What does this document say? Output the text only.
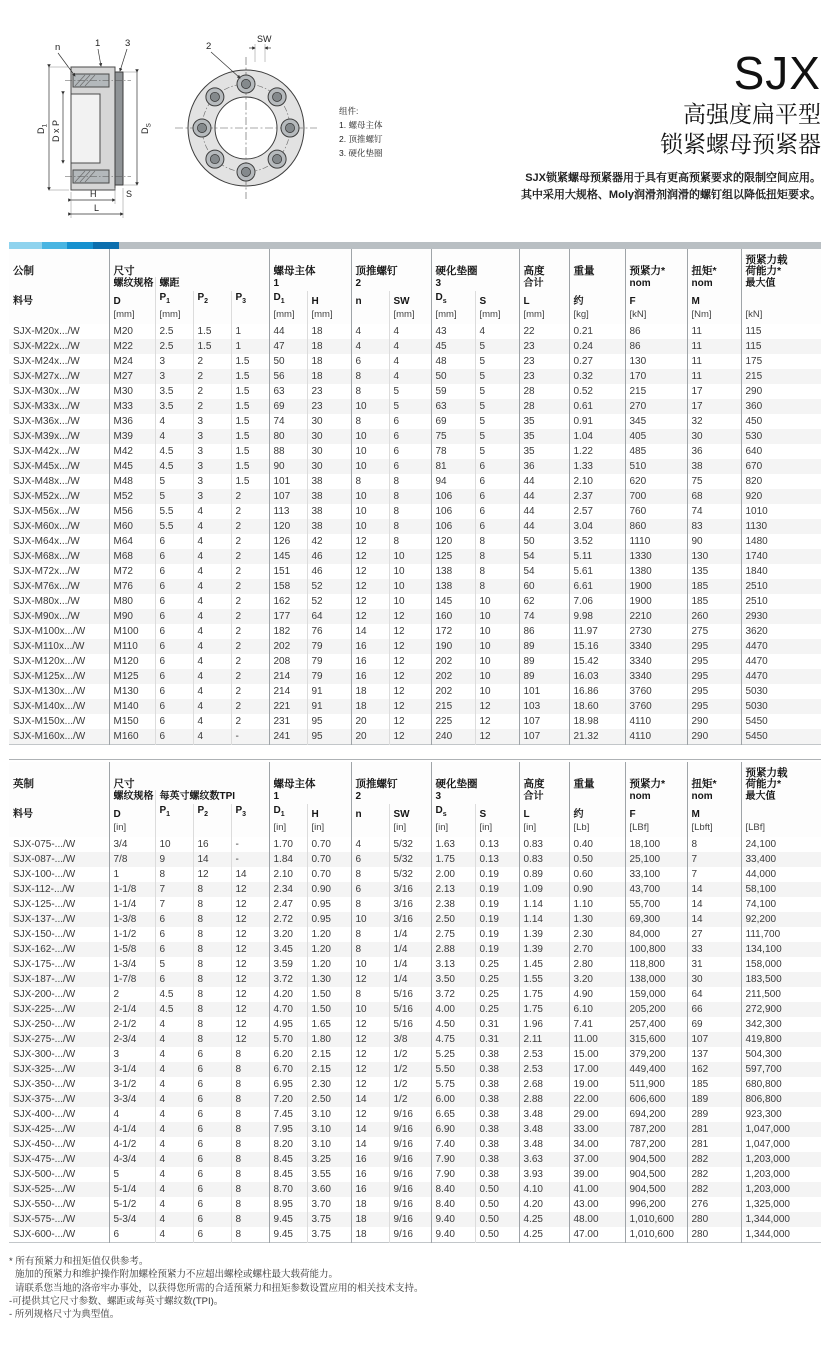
n	1	3
$D_1$ D x P	$D_S$
H	S
L
2
SW
组件:
1. 螺母主体
2. 顶推螺钉
3. 硬化垫圈
SJX
高强度扁平型
锁紧螺母预紧器
SJX锁紧螺母预紧器用于具有更高预紧要求的限制空间应用。
其中采用大规格、Moly润滑剂润滑的螺钉组以降低扭矩要求。
公制	尺寸				螺母主体		顶推螺钉		硬化垫圈		高度	重量	预紧力*	扭矩*	预紧力载
荷能力*

	螺纹规格	螺距			1		2		3		合计		nom	nom	最大值
料号	D	$P_1$	$P_2$	$P_3$	$D_1$	H	n	SW	$D_s$	S	L	约	F	M	
	[mm]	[mm]			[mm]	[mm]		[mm]	[mm]	[mm]	[mm]	[kg]	[kN]	[Nm]	[kN]
SJX-M20x.../W	M20	2.5	1.5	1	44	18	4	4	43	4	22	0.21	86	11	115
SJX-M22x.../W	M22	2.5	1.5	1	47	18	4	4	45	5	23	0.24	86	11	115
SJX-M24x.../W	M24	3	2	1.5	50	18	6	4	48	5	23	0.27	130	11	175
SJX-M27x.../W	M27	3	2	1.5	56	18	8	4	50	5	23	0.32	170	11	215
SJX-M30x.../W	M30	3.5	2	1.5	63	23	8	5	59	5	28	0.52	215	17	290
SJX-M33x.../W	M33	3.5	2	1.5	69	23	10	5	63	5	28	0.61	270	17	360
SJX-M36x.../W	M36	4	3	1.5	74	30	8	6	69	5	35	0.91	345	32	450
SJX-M39x.../W	M39	4	3	1.5	80	30	10	6	75	5	35	1.04	405	30	530
SJX-M42x.../W	M42	4.5	3	1.5	88	30	10	6	78	5	35	1.22	485	36	640
SJX-M45x.../W	M45	4.5	3	1.5	90	30	10	6	81	6	36	1.33	510	38	670
SJX-M48x.../W	M48	5	3	1.5	101	38	8	8	94	6	44	2.10	620	75	820
SJX-M52x.../W	M52	5	3	2	107	38	10	8	106	6	44	2.37	700	68	920
SJX-M56x.../W	M56	5.5	4	2	113	38	10	8	106	6	44	2.57	760	74	1010
SJX-M60x.../W	M60	5.5	4	2	120	38	10	8	106	6	44	3.04	860	83	1130
SJX-M64x.../W	M64	6	4	2	126	42	12	8	120	8	50	3.52	1110	90	1480
SJX-M68x.../W	M68	6	4	2	145	46	12	10	125	8	54	5.11	1330	130	1740
SJX-M72x.../W	M72	6	4	2	151	46	12	10	138	8	54	5.61	1380	135	1840
SJX-M76x.../W	M76	6	4	2	158	52	12	10	138	8	60	6.61	1900	185	2510
SJX-M80x.../W	M80	6	4	2	162	52	12	10	145	10	62	7.06	1900	185	2510
SJX-M90x.../W	M90	6	4	2	177	64	12	12	160	10	74	9.98	2210	260	2930
SJX-M100x.../W	M100	6	4	2	182	76	14	12	172	10	86	11.97	2730	275	3620
SJX-M110x.../W	M110	6	4	2	202	79	16	12	190	10	89	15.16	3340	295	4470
SJX-M120x.../W	M120	6	4	2	208	79	16	12	202	10	89	15.42	3340	295	4470
SJX-M125x.../W	M125	6	4	2	214	79	16	12	202	10	89	16.03	3340	295	4470
SJX-M130x.../W	M130	6	4	2	214	91	18	12	202	10	101	16.86	3760	295	5030
SJX-M140x.../W	M140	6	4	2	221	91	18	12	215	12	103	18.60	3760	295	5030
SJX-M150x.../W	M150	6	4	2	231	95	20	12	225	12	107	18.98	4110	290	5450
SJX-M160x.../W	M160	6	4	-	241	95	20	12	240	12	107	21.32	4110	290	5450
英制	尺寸				螺母主体		顶推螺钉		硬化垫圈		高度	重量	预紧力*	扭矩*	预紧力载
荷能力*

	螺纹规格	每英寸螺纹数TPI			1		2		3		合计		nom	nom	最大值
料号	D	$P_1$	$P_2$	$P_3$	$D_1$	H	n	SW	$D_s$	S	L	约	F	M	
	[in]				[in]	[in]		[in]	[in]	[in]	[in]	[Lb]	[LBf]	[Lbft]	[LBf]
SJX-075-.../W	3/4	10	16	-	1.70	0.70	4	5/32	1.63	0.13	0.83	0.40	18,100	8	24,100
SJX-087-.../W	7/8	9	14	-	1.84	0.70	6	5/32	1.75	0.13	0.83	0.50	25,100	7	33,400
SJX-100-.../W	1	8	12	14	2.10	0.70	8	5/32	2.00	0.19	0.89	0.60	33,100	7	44,000
SJX-112-.../W	1-1/8	7	8	12	2.34	0.90	6	3/16	2.13	0.19	1.09	0.90	43,700	14	58,100
SJX-125-.../W	1-1/4	7	8	12	2.47	0.95	8	3/16	2.38	0.19	1.14	1.10	55,700	14	74,100
SJX-137-.../W	1-3/8	6	8	12	2.72	0.95	10	3/16	2.50	0.19	1.14	1.30	69,300	14	92,200
SJX-150-.../W	1-1/2	6	8	12	3.20	1.20	8	1/4	2.75	0.19	1.39	2.30	84,000	27	111,700
SJX-162-.../W	1-5/8	6	8	12	3.45	1.20	8	1/4	2.88	0.19	1.39	2.70	100,800	33	134,100
SJX-175-.../W	1-3/4	5	8	12	3.59	1.20	10	1/4	3.13	0.25	1.45	2.80	118,800	31	158,000
SJX-187-.../W	1-7/8	6	8	12	3.72	1.30	12	1/4	3.50	0.25	1.55	3.20	138,000	30	183,500
SJX-200-.../W	2	4.5	8	12	4.20	1.50	8	5/16	3.72	0.25	1.75	4.90	159,000	64	211,500
SJX-225-.../W	2-1/4	4.5	8	12	4.70	1.50	10	5/16	4.00	0.25	1.75	6.10	205,200	66	272,900
SJX-250-.../W	2-1/2	4	8	12	4.95	1.65	12	5/16	4.50	0.31	1.96	7.41	257,400	69	342,300
SJX-275-.../W	2-3/4	4	8	12	5.70	1.80	12	3/8	4.75	0.31	2.11	11.00	315,600	107	419,800
SJX-300-.../W	3	4	6	8	6.20	2.15	12	1/2	5.25	0.38	2.53	15.00	379,200	137	504,300
SJX-325-.../W	3-1/4	4	6	8	6.70	2.15	12	1/2	5.50	0.38	2.53	17.00	449,400	162	597,700
SJX-350-.../W	3-1/2	4	6	8	6.95	2.30	12	1/2	5.75	0.38	2.68	19.00	511,900	185	680,800
SJX-375-.../W	3-3/4	4	6	8	7.20	2.50	14	1/2	6.00	0.38	2.88	22.00	606,600	189	806,800
SJX-400-.../W	4	4	6	8	7.45	3.10	12	9/16	6.65	0.38	3.48	29.00	694,200	289	923,300
SJX-425-.../W	4-1/4	4	6	8	7.95	3.10	14	9/16	6.90	0.38	3.48	33.00	787,200	281	1,047,000
SJX-450-.../W	4-1/2	4	6	8	8.20	3.10	14	9/16	7.40	0.38	3.48	34.00	787,200	281	1,047,000
SJX-475-.../W	4-3/4	4	6	8	8.45	3.25	16	9/16	7.90	0.38	3.63	37.00	904,500	282	1,203,000
SJX-500-.../W	5	4	6	8	8.45	3.55	16	9/16	7.90	0.38	3.93	39.00	904,500	282	1,203,000
SJX-525-.../W	5-1/4	4	6	8	8.70	3.60	16	9/16	8.40	0.50	4.10	41.00	904,500	282	1,203,000
SJX-550-.../W	5-1/2	4	6	8	8.95	3.70	18	9/16	8.40	0.50	4.20	43.00	996,200	276	1,325,000
SJX-575-.../W	5-3/4	4	6	8	9.45	3.75	18	9/16	9.40	0.50	4.25	48.00	1,010,600	280	1,344,000
SJX-600-.../W	6	4	6	8	9.45	3.75	18	9/16	9.40	0.50	4.25	47.00	1,010,600	280	1,344,000
* 所有预紧力和扭矩值仅供参考。
施加的预紧力和维护操作附加螺栓预紧力不应超出螺栓或螺柱最大载荷能力。
请联系您当地的洛帝牢办事处，以获得您所需的合适预紧力和扭矩参数设置应用的相关技术支持。
-可提供其它尺寸参数、螺距或每英寸螺纹数(TPI)。
- 所列规格尺寸为典型值。
